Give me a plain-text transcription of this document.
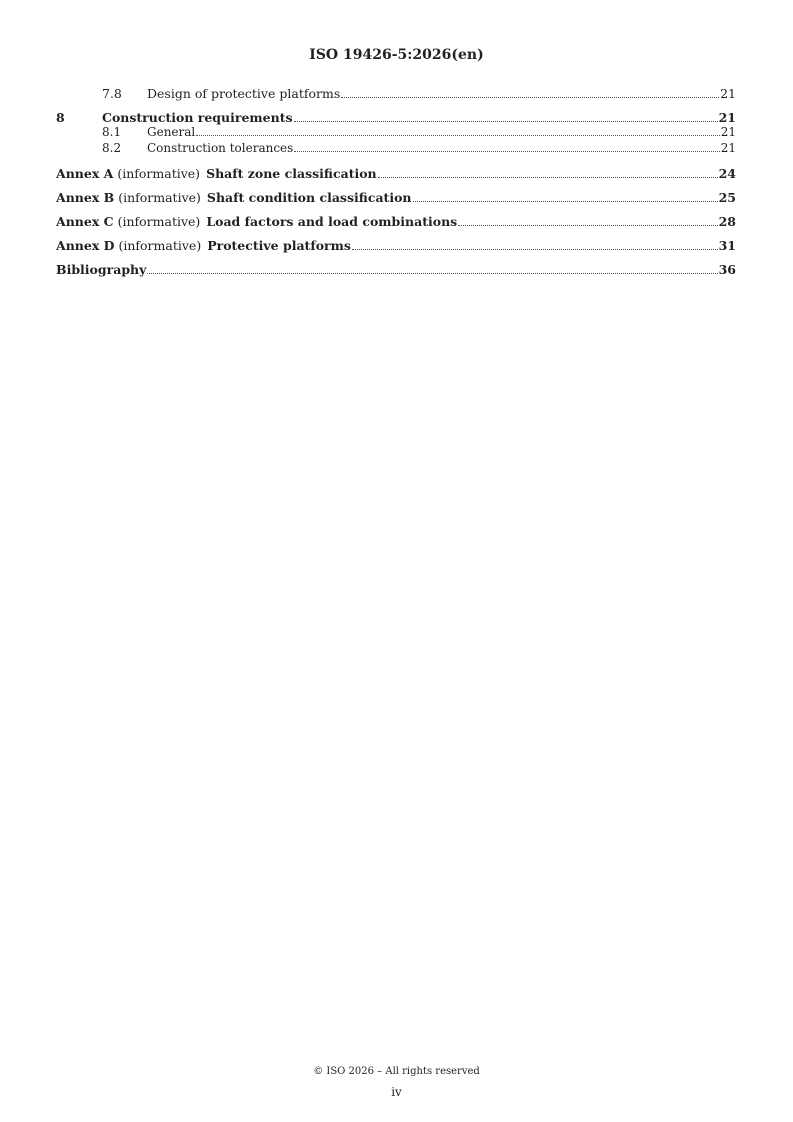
ISO 19426-5:2026(en)
7.8	Design of protective platforms	21
8	Construction requirements	21
8.1	General	21
8.2	Construction tolerances	21
Annex A (informative) Shaft zone classification	24
Annex B (informative) Shaft condition classification	25
Annex C (informative) Load factors and load combinations	28
Annex D (informative) Protective platforms	31
Bibliography	36
© ISO 2026 – All rights reserved
iv
